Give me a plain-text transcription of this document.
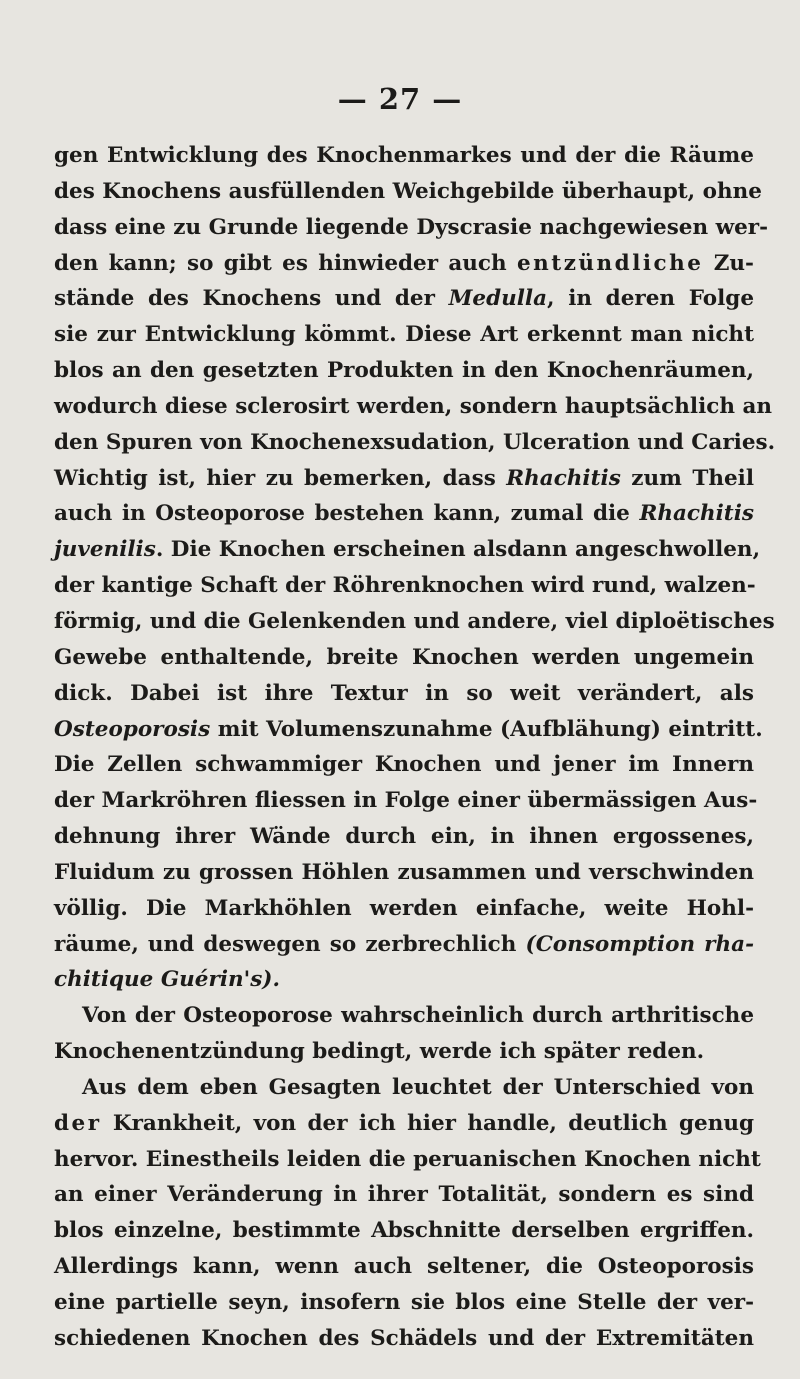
— 27 —
gen Entwicklung des Knochenmarkes und der die Räume
des Knochens ausfüllenden Weichgebilde überhaupt, ohne
dass eine zu Grunde liegende Dyscrasie nachgewiesen wer-
den kann; so gibt es hinwieder auch entzündliche Zu-
stände des Knochens und der Medulla, in deren Folge
sie zur Entwicklung kömmt. Diese Art erkennt man nicht
blos an den gesetzten Produkten in den Knochenräumen,
wodurch diese sclerosirt werden, sondern hauptsächlich an
den Spuren von Knochenexsudation, Ulceration und Caries.
Wichtig ist, hier zu bemerken, dass Rhachitis zum Theil
auch in Osteoporose bestehen kann, zumal die Rhachitis
juvenilis. Die Knochen erscheinen alsdann angeschwollen,
der kantige Schaft der Röhrenknochen wird rund, walzen-
förmig, und die Gelenkenden und andere, viel diploëtisches
Gewebe enthaltende, breite Knochen werden ungemein
dick. Dabei ist ihre Textur in so weit verändert, als
Osteoporosis mit Volumenszunahme (Aufblähung) eintritt.
Die Zellen schwammiger Knochen und jener im Innern
der Markröhren fliessen in Folge einer übermässigen Aus-
dehnung ihrer Wände durch ein, in ihnen ergossenes,
Fluidum zu grossen Höhlen zusammen und verschwinden
völlig. Die Markhöhlen werden einfache, weite Hohl-
räume, und deswegen so zerbrechlich (Consomption rha-
chitique Guérin's).
Von der Osteoporose wahrscheinlich durch arthritische
Knochenentzündung bedingt, werde ich später reden.
Aus dem eben Gesagten leuchtet der Unterschied von
der Krankheit, von der ich hier handle, deutlich genug
hervor. Einestheils leiden die peruanischen Knochen nicht
an einer Veränderung in ihrer Totalität, sondern es sind
blos einzelne, bestimmte Abschnitte derselben ergriffen.
Allerdings kann, wenn auch seltener, die Osteoporosis
eine partielle seyn, insofern sie blos eine Stelle der ver-
schiedenen Knochen des Schädels und der Extremitäten
